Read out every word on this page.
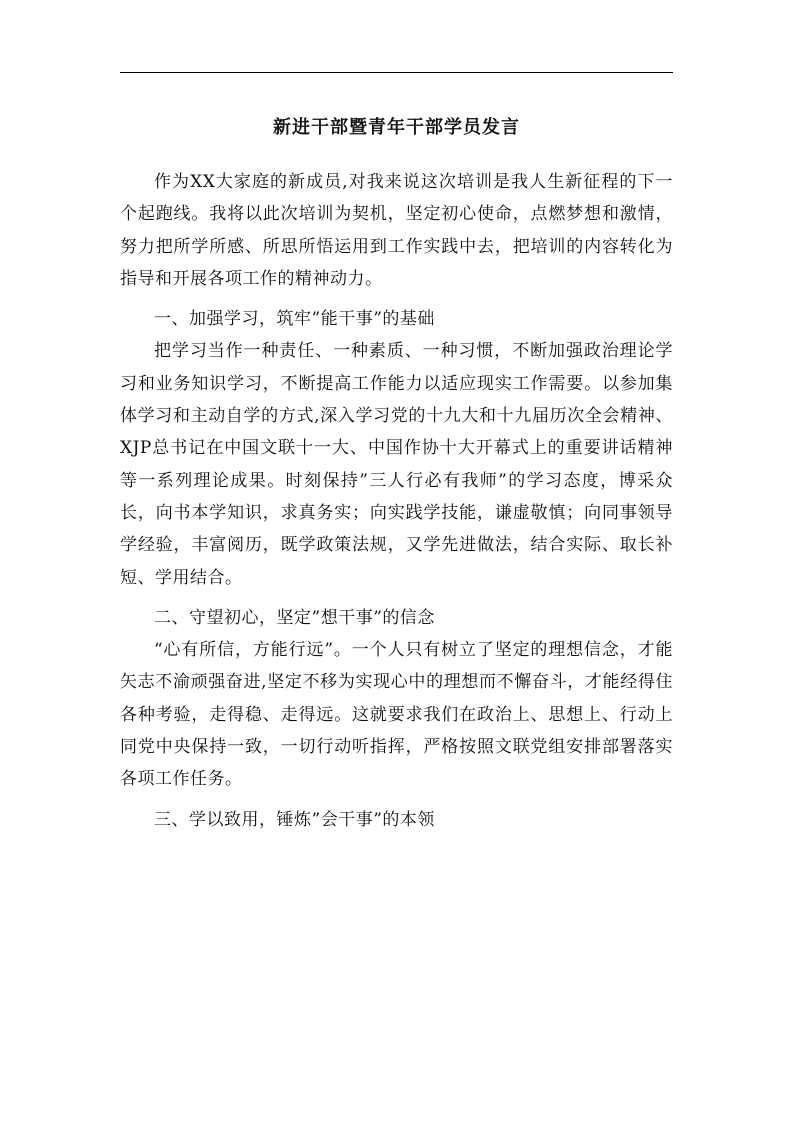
新进干部暨青年干部学员发言

作为XX大家庭的新成员,对我来说这次培训是我人生新征程的下一个起跑线。我将以此次培训为契机，坚定初心使命，点燃梦想和激情，努力把所学所感、所思所悟运用到工作实践中去，把培训的内容转化为指导和开展各项工作的精神动力。

一、加强学习，筑牢”能干事”的基础

把学习当作一种责任、一种素质、一种习惯，不断加强政治理论学习和业务知识学习，不断提高工作能力以适应现实工作需要。以参加集体学习和主动自学的方式,深入学习党的十九大和十九届历次全会精神、XJP总书记在中国文联十一大、中国作协十大开幕式上的重要讲话精神等一系列理论成果。时刻保持”三人行必有我师”的学习态度，博采众长，向书本学知识，求真务实；向实践学技能，谦虚敬慎；向同事领导学经验，丰富阅历，既学政策法规，又学先进做法，结合实际、取长补短、学用结合。

二、守望初心，坚定”想干事”的信念

“心有所信，方能行远”。一个人只有树立了坚定的理想信念，才能矢志不渝顽强奋进,坚定不移为实现心中的理想而不懈奋斗，才能经得住各种考验，走得稳、走得远。这就要求我们在政治上、思想上、行动上同党中央保持一致，一切行动听指挥，严格按照文联党组安排部署落实各项工作任务。

三、学以致用，锤炼”会干事”的本领
